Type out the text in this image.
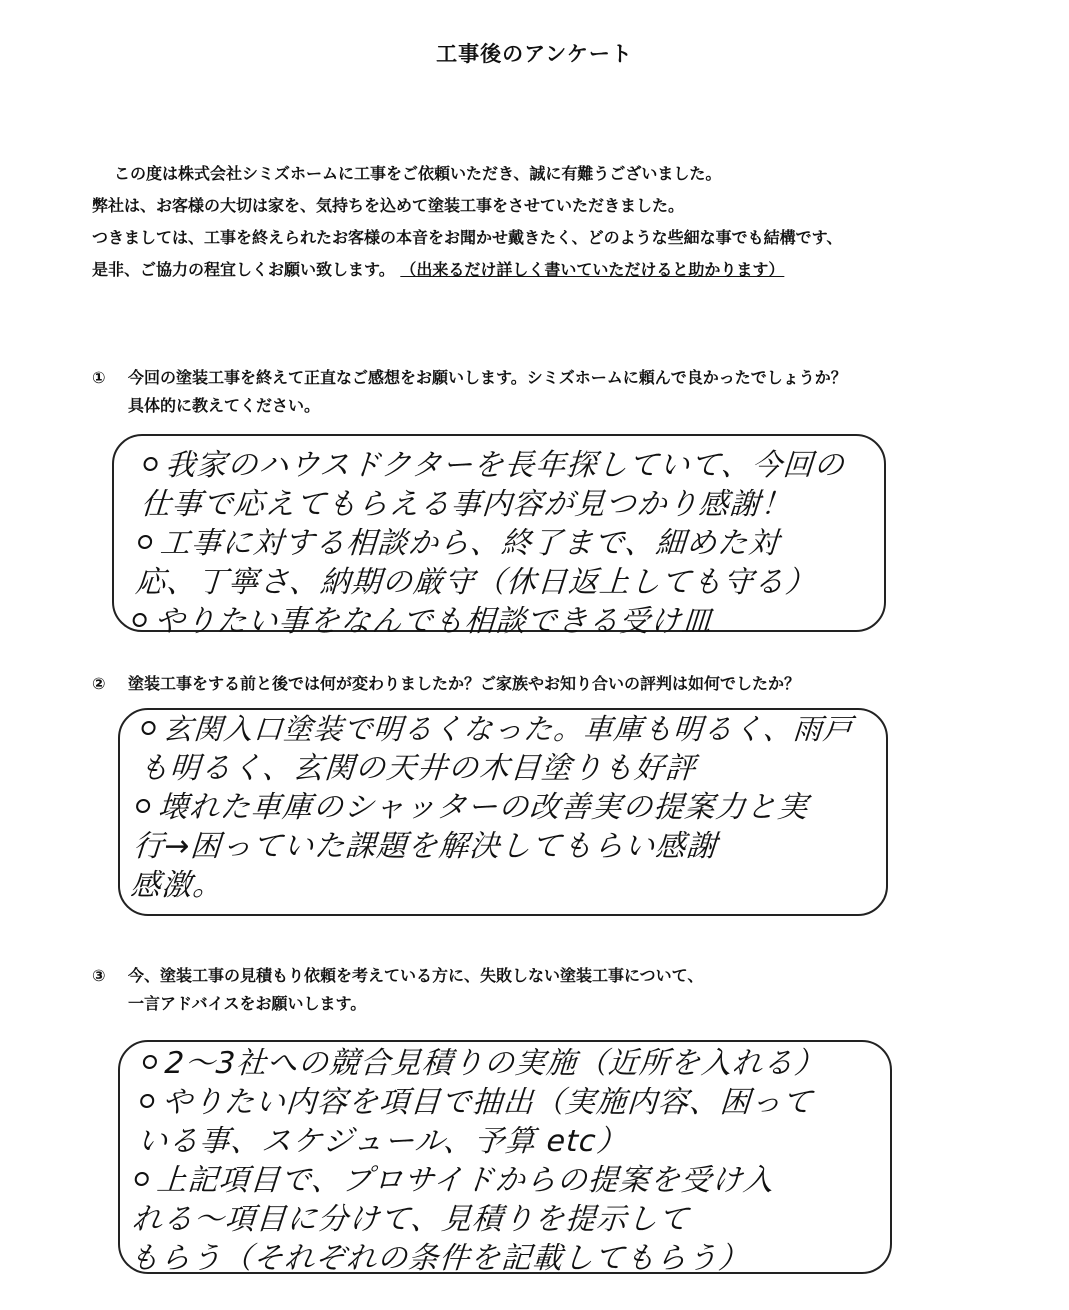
工事後のアンケート

この度は株式会社シミズホームに工事をご依頼いただき、誠に有難うございました。

弊社は、お客様の大切は家を、気持ちを込めて塗装工事をさせていただきました。

つきましては、工事を終えられたお客様の本音をお聞かせ戴きたく、どのような些細な事でも結構です、

是非、ご協力の程宜しくお願い致します。 （出来るだけ詳しく書いていただけると助かります）

① 今回の塗装工事を終えて正直なご感想をお願いします。シミズホームに頼んで良かったでしょうか？
具体的に教えてください。
我家のハウスドクターを長年探していて、今回の
仕事で応えてもらえる事内容が見つかり感謝！
工事に対する相談から、終了まで、細めた対
応、丁寧さ、納期の厳守（休日返上しても守る）
やりたい事をなんでも相談できる受け皿
② 塗装工事をする前と後では何が変わりましたか？ご家族やお知り合いの評判は如何でしたか？
玄関入口塗装で明るくなった。車庫も明るく、雨戸
も明るく、玄関の天井の木目塗りも好評
壊れた車庫のシャッターの改善実の提案力と実
行→困っていた課題を解決してもらい感謝
感激。
③ 今、塗装工事の見積もり依頼を考えている方に、失敗しない塗装工事について、
一言アドバイスをお願いします。
2～3社への競合見積りの実施（近所を入れる）
やりたい内容を項目で抽出（実施内容、困って
いる事、スケジュール、予算 etc）
上記項目で、プロサイドからの提案を受け入
れる～項目に分けて、見積りを提示して
もらう（それぞれの条件を記載してもらう）
